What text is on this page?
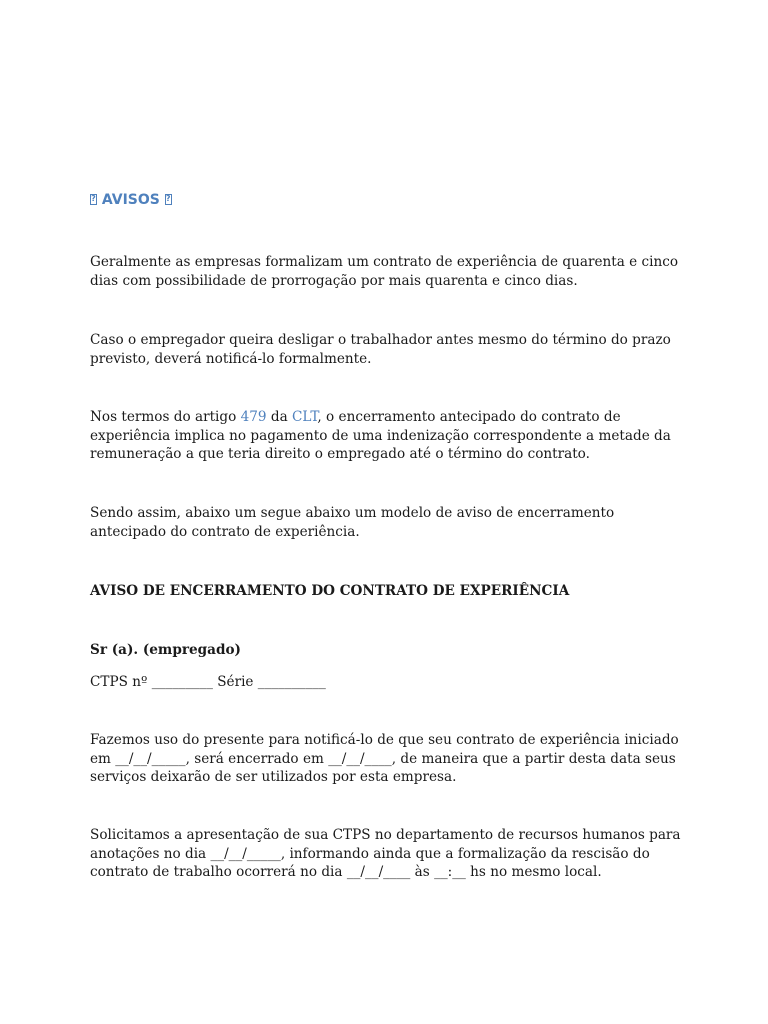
? AVISOS ?
Geralmente as empresas formalizam um contrato de experiência de quarenta e cinco dias com possibilidade de prorrogação por mais quarenta e cinco dias.
Caso o empregador queira desligar o trabalhador antes mesmo do término do prazo previsto, deverá notificá-lo formalmente.
Nos termos do artigo 479 da CLT, o encerramento antecipado do contrato de experiência implica no pagamento de uma indenização correspondente a metade da remuneração a que teria direito o empregado até o término do contrato.
Sendo assim, abaixo um segue abaixo um modelo de aviso de encerramento antecipado do contrato de experiência.
AVISO DE ENCERRAMENTO DO CONTRATO DE EXPERIÊNCIA
Sr (a). (empregado)
CTPS nº _________ Série __________
Fazemos uso do presente para notificá-lo de que seu contrato de experiência iniciado em __/__/_____, será encerrado em __/__/____, de maneira que a partir desta data seus serviços deixarão de ser utilizados por esta empresa.
Solicitamos a apresentação de sua CTPS no departamento de recursos humanos para anotações no dia __/__/_____, informando ainda que a formalização da rescisão do contrato de trabalho ocorrerá no dia __/__/____ às __:__ hs no mesmo local.
